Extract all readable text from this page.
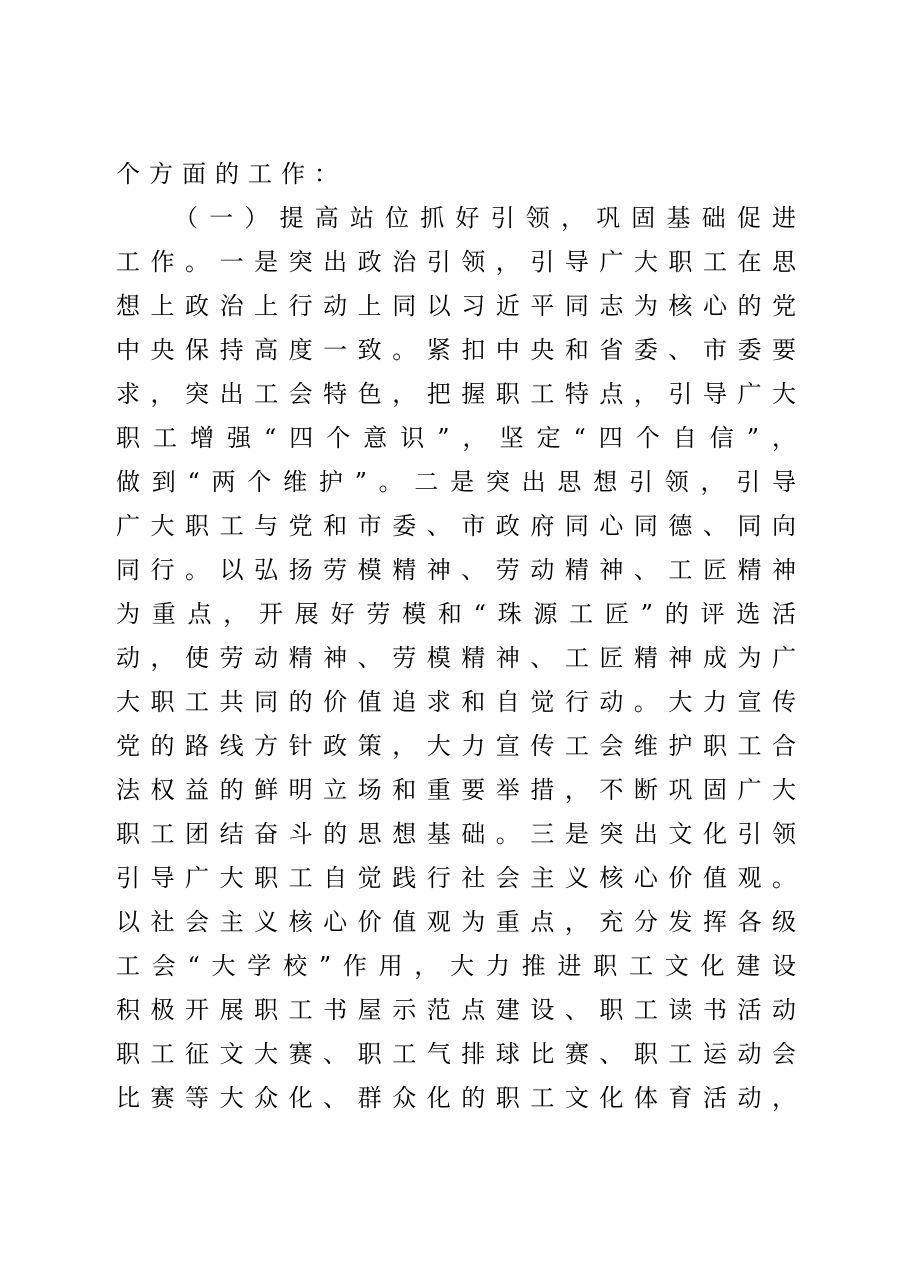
个方面的工作：
（一）提高站位抓好引领，巩固基础促进
工作。一是突出政治引领，引导广大职工在思
想上政治上行动上同以习近平同志为核心的党
中央保持高度一致。紧扣中央和省委、市委要
求，突出工会特色，把握职工特点，引导广大
职工增强“四个意识”，坚定“四个自信”，
做到“两个维护”。二是突出思想引领，引导
广大职工与党和市委、市政府同心同德、同向
同行。以弘扬劳模精神、劳动精神、工匠精神
为重点，开展好劳模和“珠源工匠”的评选活
动，使劳动精神、劳模精神、工匠精神成为广
大职工共同的价值追求和自觉行动。大力宣传
党的路线方针政策，大力宣传工会维护职工合
法权益的鲜明立场和重要举措，不断巩固广大
职工团结奋斗的思想基础。三是突出文化引领
引导广大职工自觉践行社会主义核心价值观。
以社会主义核心价值观为重点，充分发挥各级
工会“大学校”作用，大力推进职工文化建设
积极开展职工书屋示范点建设、职工读书活动
职工征文大赛、职工气排球比赛、职工运动会
比赛等大众化、群众化的职工文化体育活动，
